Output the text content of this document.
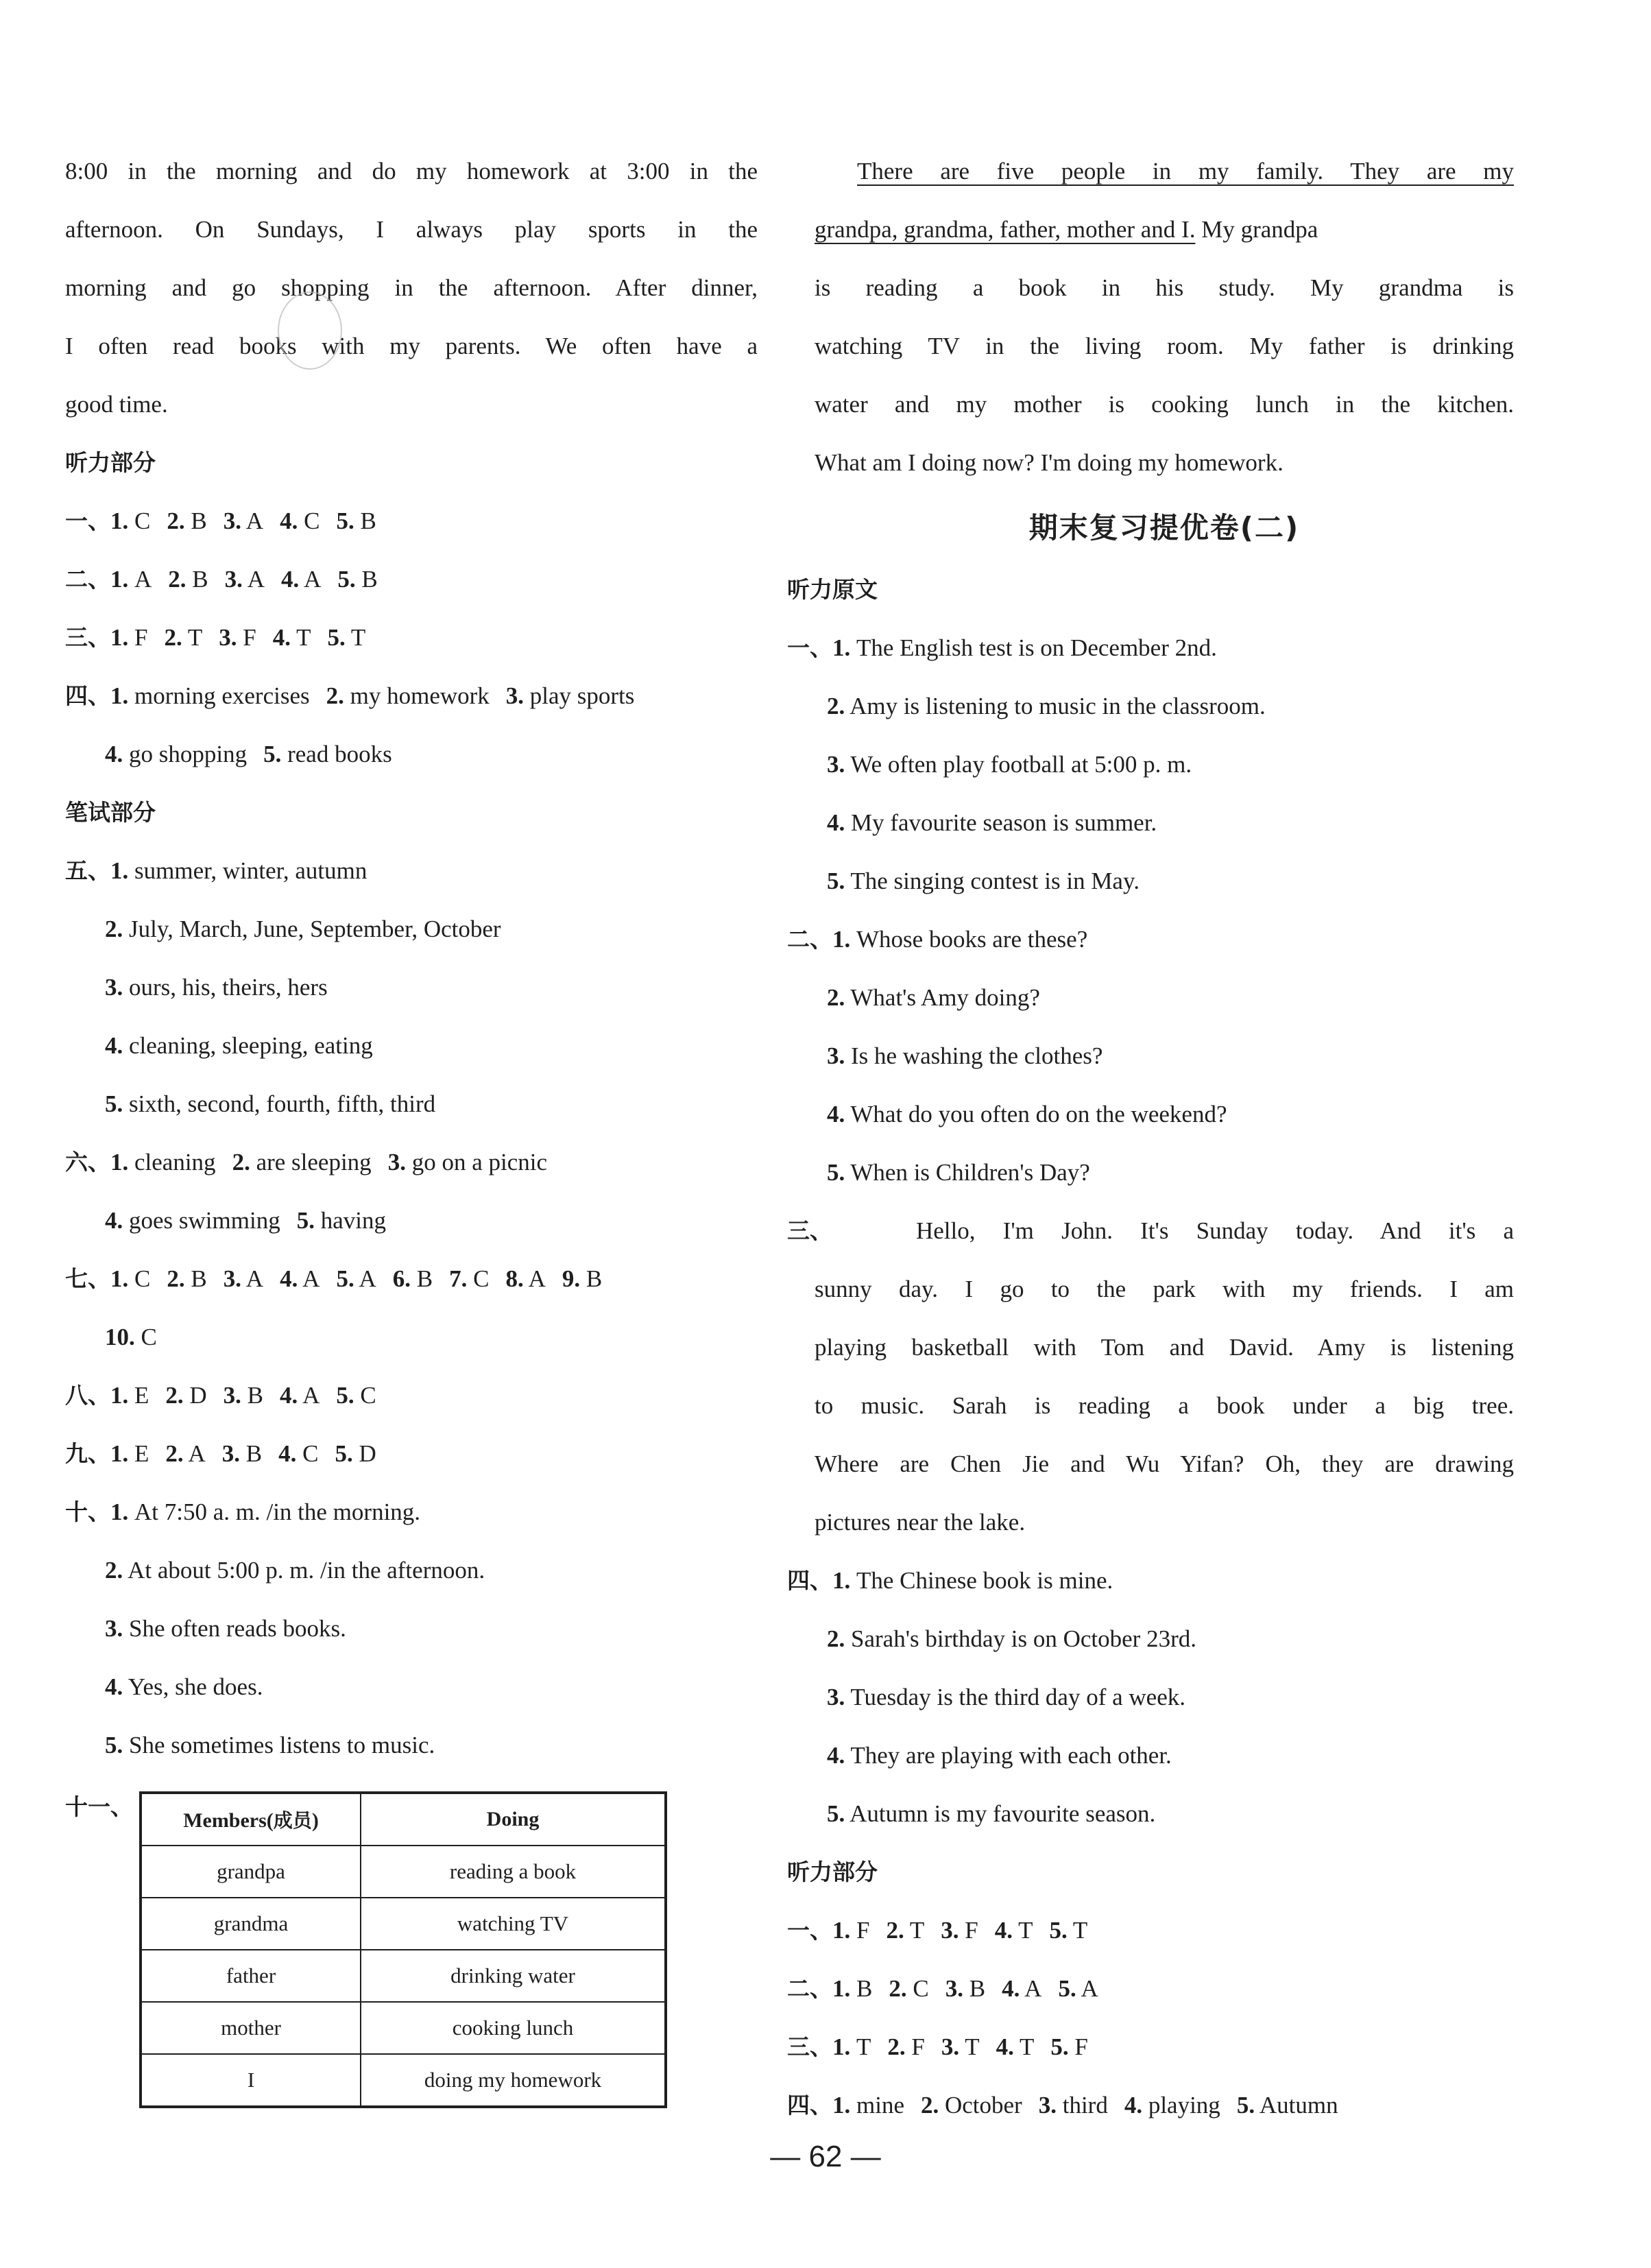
8:00 in the morning and do my homework at 3:00 in the
afternoon. On Sundays, I always play sports in the
morning and go shopping in the afternoon. After dinner,
I often read books with my parents. We often have a
good time.
听力部分
一、1. C 2. B 3. A 4. C 5. B
二、1. A 2. B 3. A 4. A 5. B
三、1. F 2. T 3. F 4. T 5. T
四、1. morning exercises 2. my homework 3. play sports
4. go shopping 5. read books
笔试部分
五、1. summer, winter, autumn
2. July, March, June, September, October
3. ours, his, theirs, hers
4. cleaning, sleeping, eating
5. sixth, second, fourth, fifth, third
六、1. cleaning 2. are sleeping 3. go on a picnic
4. goes swimming 5. having
七、1. C 2. B 3. A 4. A 5. A 6. B 7. C 8. A 9. B
10. C
八、1. E 2. D 3. B 4. A 5. C
九、1. E 2. A 3. B 4. C 5. D
十、1. At 7:50 a. m. /in the morning.
2. At about 5:00 p. m. /in the afternoon.
3. She often reads books.
4. Yes, she does.
5. She sometimes listens to music.
十一、
Members(成员)	Doing
grandpa	reading a book
grandma	watching TV
father	drinking water
mother	cooking lunch
I	doing my homework
There are five people in my family. They are my
grandpa, grandma, father, mother and I. My grandpa
is reading a book in his study. My grandma is
watching TV in the living room. My father is drinking
water and my mother is cooking lunch in the kitchen.
What am I doing now? I'm doing my homework.
期末复习提优卷(二)
听力原文
一、1. The English test is on December 2nd.
2. Amy is listening to music in the classroom.
3. We often play football at 5:00 p. m.
4. My favourite season is summer.
5. The singing contest is in May.
二、1. Whose books are these?
2. What's Amy doing?
3. Is he washing the clothes?
4. What do you often do on the weekend?
5. When is Children's Day?
三、	Hello, I'm John. It's Sunday today. And it's a
sunny day. I go to the park with my friends. I am
playing basketball with Tom and David. Amy is listening
to music. Sarah is reading a book under a big tree.
Where are Chen Jie and Wu Yifan? Oh, they are drawing
pictures near the lake.
四、1. The Chinese book is mine.
2. Sarah's birthday is on October 23rd.
3. Tuesday is the third day of a week.
4. They are playing with each other.
5. Autumn is my favourite season.
听力部分
一、1. F 2. T 3. F 4. T 5. T
二、1. B 2. C 3. B 4. A 5. A
三、1. T 2. F 3. T 4. T 5. F
四、1. mine 2. October 3. third 4. playing 5. Autumn
— 62 —
